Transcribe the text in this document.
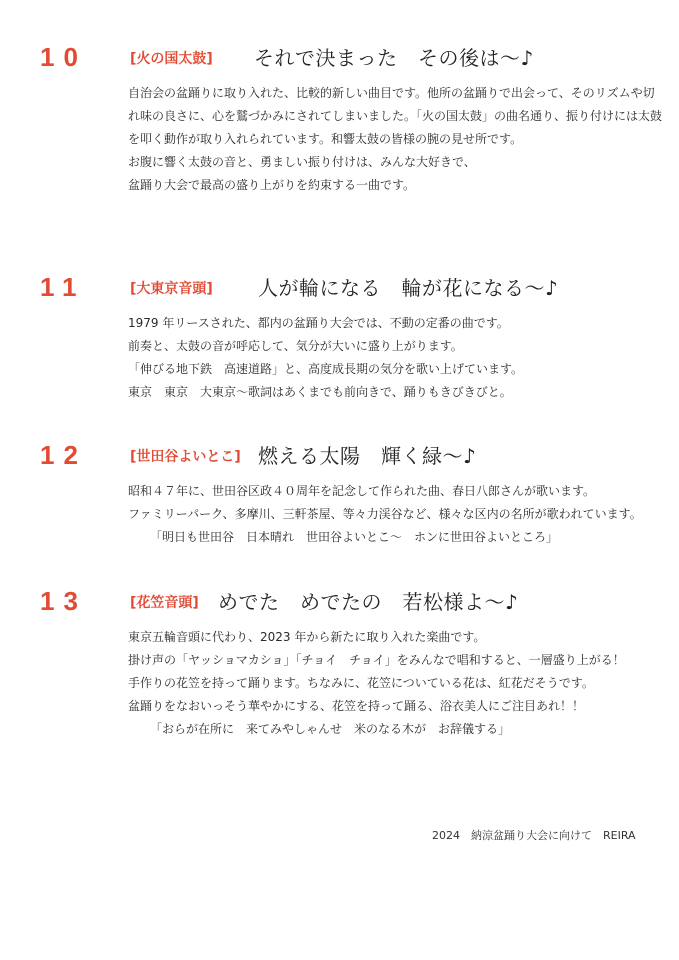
10	[火の国太鼓] それで決まった　その後は～♪
自治会の盆踊りに取り入れた、比較的新しい曲目です。他所の盆踊りで出会って、そのリズムや切
れ味の良さに、心を鷲づかみにされてしまいました。「火の国太鼓」の曲名通り、振り付けには太鼓
を叩く動作が取り入れられています。和響太鼓の皆様の腕の見せ所です。
お腹に響く太鼓の音と、勇ましい振り付けは、みんな大好きで、
盆踊り大会で最高の盛り上がりを約束する一曲です。
11	[大東京音頭] 人が輪になる　輪が花になる～♪
1979 年リースされた、都内の盆踊り大会では、不動の定番の曲です。
前奏と、太鼓の音が呼応して、気分が大いに盛り上がります。
「伸びる地下鉄　高速道路」と、高度成長期の気分を歌い上げています。
東京　東京　大東京～歌詞はあくまでも前向きで、踊りもきびきびと。
12	[世田谷よいとこ] 燃える太陽　輝く緑～♪
昭和４７年に、世田谷区政４０周年を記念して作られた曲、春日八郎さんが歌います。
ファミリーパーク、多摩川、三軒茶屋、等々力渓谷など、様々な区内の名所が歌われています。
「明日も世田谷　日本晴れ　世田谷よいとこ～　ホンに世田谷よいところ」
13	[花笠音頭] めでた　めでたの　若松様よ～♪
東京五輪音頭に代わり、2023 年から新たに取り入れた楽曲です。
掛け声の「ヤッショマカショ」「チョイ　チョイ」をみんなで唱和すると、一層盛り上がる！
手作りの花笠を持って踊ります。ちなみに、花笠についている花は、紅花だそうです。
盆踊りをなおいっそう華やかにする、花笠を持って踊る、浴衣美人にご注目あれ！！
「おらが在所に　来てみやしゃんせ　米のなる木が　お辞儀する」
2024　納涼盆踊り大会に向けて　REIRA
